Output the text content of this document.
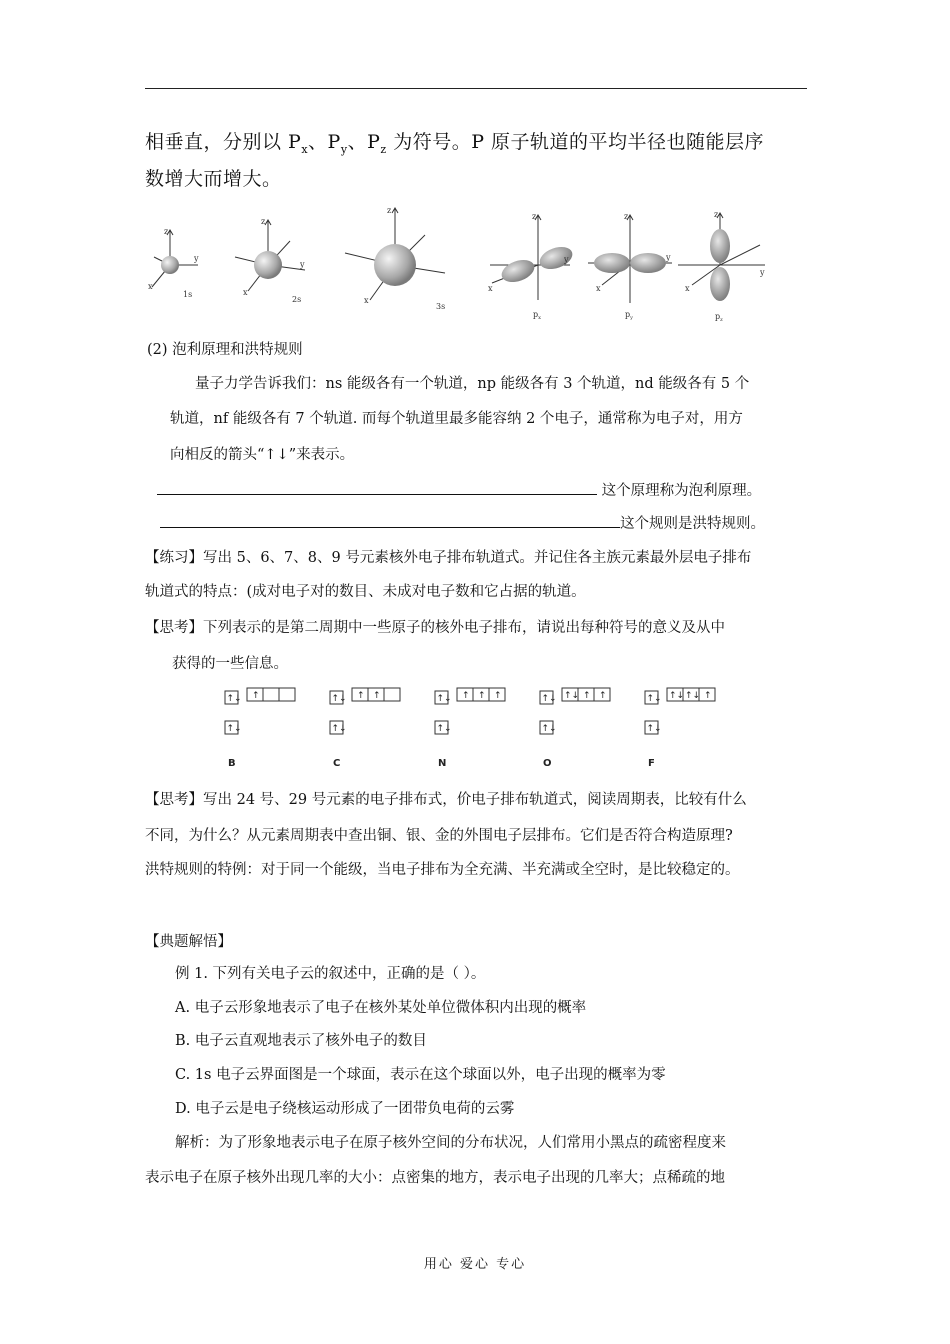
相垂直，分别以 $P_x$、$P_y$、$P_z$ 为符号。P 原子轨道的平均半径也随能层序
数增大而增大。
z
y
x
1s
z
y
x
2s
z
x
3s
z
y
x
$p_x$
z
y
x
$p_y$
z
y
x
$p_z$
(2) 泡利原理和洪特规则
量子力学告诉我们：ns 能级各有一个轨道，np 能级各有 3 个轨道，nd 能级各有 5 个
轨道，nf 能级各有 7 个轨道. 而每个轨道里最多能容纳 2 个电子，通常称为电子对，用方
向相反的箭头“↑↓”来表示。
这个原理称为泡利原理。
这个规则是洪特规则。
【练习】写出 5、6、7、8、9 号元素核外电子排布轨道式。并记住各主族元素最外层电子排布
轨道式的特点：(成对电子对的数目、未成对电子数和它占据的轨道。
【思考】下列表示的是第二周期中一些原子的核外电子排布，请说出每种符号的意义及从中
获得的一些信息。
↑↓
↑↓
↑
B
↑↓
↑↓
↑ ↑
C
↑↓
↑↓
↑ ↑ ↑
N
↑↓
↑↓
↑↓ ↑ ↑
O
↑↓
↑↓
↑↓ ↑↓ ↑
F
【思考】写出 24 号、29 号元素的电子排布式，价电子排布轨道式，阅读周期表，比较有什么
不同，为什么？从元素周期表中查出铜、银、金的外围电子层排布。它们是否符合构造原理?
洪特规则的特例：对于同一个能级，当电子排布为全充满、半充满或全空时，是比较稳定的。
【典题解悟】
例 1. 下列有关电子云的叙述中，正确的是（ ）。
A. 电子云形象地表示了电子在核外某处单位微体积内出现的概率
B. 电子云直观地表示了核外电子的数目
C. 1s 电子云界面图是一个球面，表示在这个球面以外，电子出现的概率为零
D. 电子云是电子绕核运动形成了一团带负电荷的云雾
解析：为了形象地表示电子在原子核外空间的分布状况，人们常用小黑点的疏密程度来
表示电子在原子核外出现几率的大小：点密集的地方，表示电子出现的几率大；点稀疏的地
用心 爱心 专心
